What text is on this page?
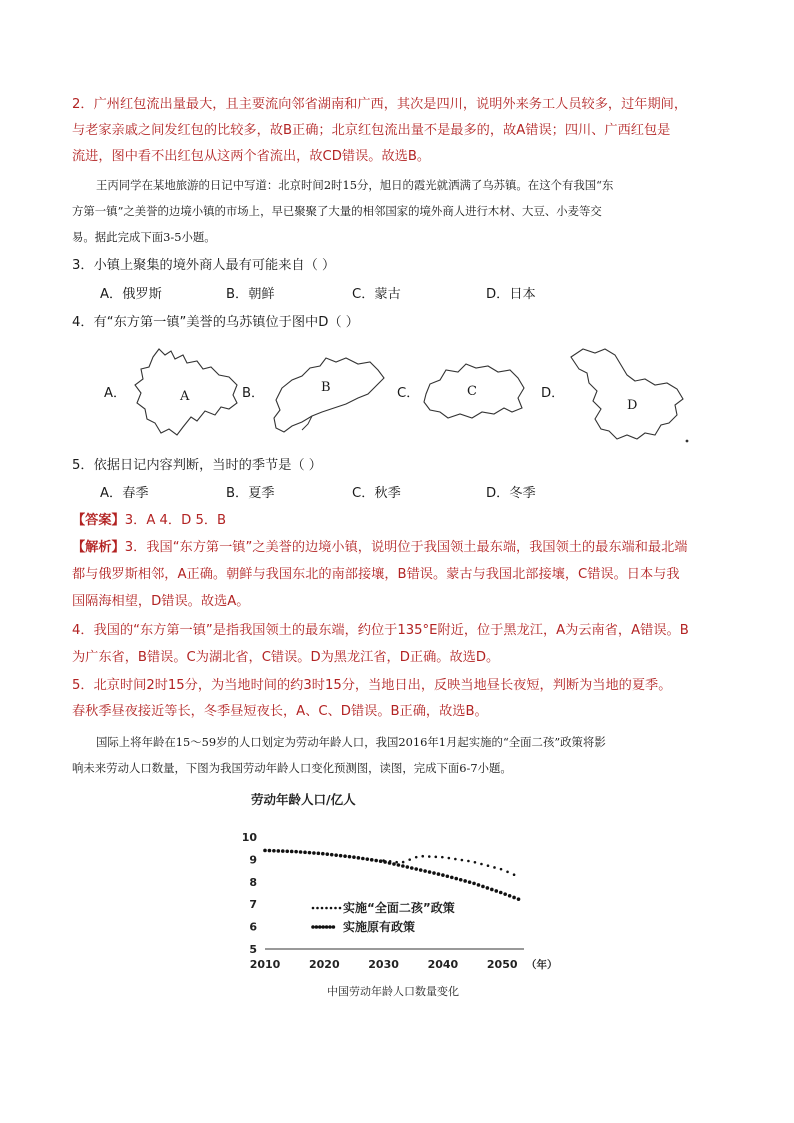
2．广州红包流出量最大，且主要流向邻省湖南和广西，其次是四川，说明外来务工人员较多，过年期间，
与老家亲戚之间发红包的比较多，故B正确；北京红包流出量不是最多的，故A错误；四川、广西红包是
流进，图中看不出红包从这两个省流出，故CD错误。故选B。
王丙同学在某地旅游的日记中写道：北京时间2时15分，旭日的霞光就洒满了乌苏镇。在这个有我国“东
方第一镇”之美誉的边境小镇的市场上，早已聚聚了大量的相邻国家的境外商人进行木材、大豆、小麦等交
易。据此完成下面3-5小题。
3．小镇上聚集的境外商人最有可能来自（ ）
A．俄罗斯	B．朝鲜	C．蒙古	D．日本
4．有“东方第一镇”美誉的乌苏镇位于图中D（ ）
A．	B．	C．	D．
A
B	C
D
5．依据日记内容判断，当时的季节是（ ）
A．春季	B．夏季	C．秋季	D．冬季
【答案】3．A 4．D 5．B
【解析】3．我国“东方第一镇”之美誉的边境小镇，说明位于我国领土最东端，我国领土的最东端和最北端
都与俄罗斯相邻，A正确。朝鲜与我国东北的南部接壤，B错误。蒙古与我国北部接壤，C错误。日本与我
国隔海相望，D错误。故选A。
4．我国的“东方第一镇”是指我国领土的最东端，约位于135°E附近，位于黑龙江，A为云南省，A错误。B
为广东省，B错误。C为湖北省，C错误。D为黑龙江省，D正确。故选D。
5．北京时间2时15分，为当地时间的约3时15分，当地日出，反映当地昼长夜短，判断为当地的夏季。
春秋季昼夜接近等长，冬季昼短夜长，A、C、D错误。B正确，故选B。
国际上将年龄在15～59岁的人口划定为劳动年龄人口，我国2016年1月起实施的“全面二孩”政策将影
响未来劳动人口数量，下图为我国劳动年龄人口变化预测图，读图，完成下面6-7小题。
劳动年龄人口/亿人
5
6
7
8
9
10
2010	2020	2030	2040	2050 （年）
实施“全面二孩”政策
实施原有政策
中国劳动年龄人口数量变化
